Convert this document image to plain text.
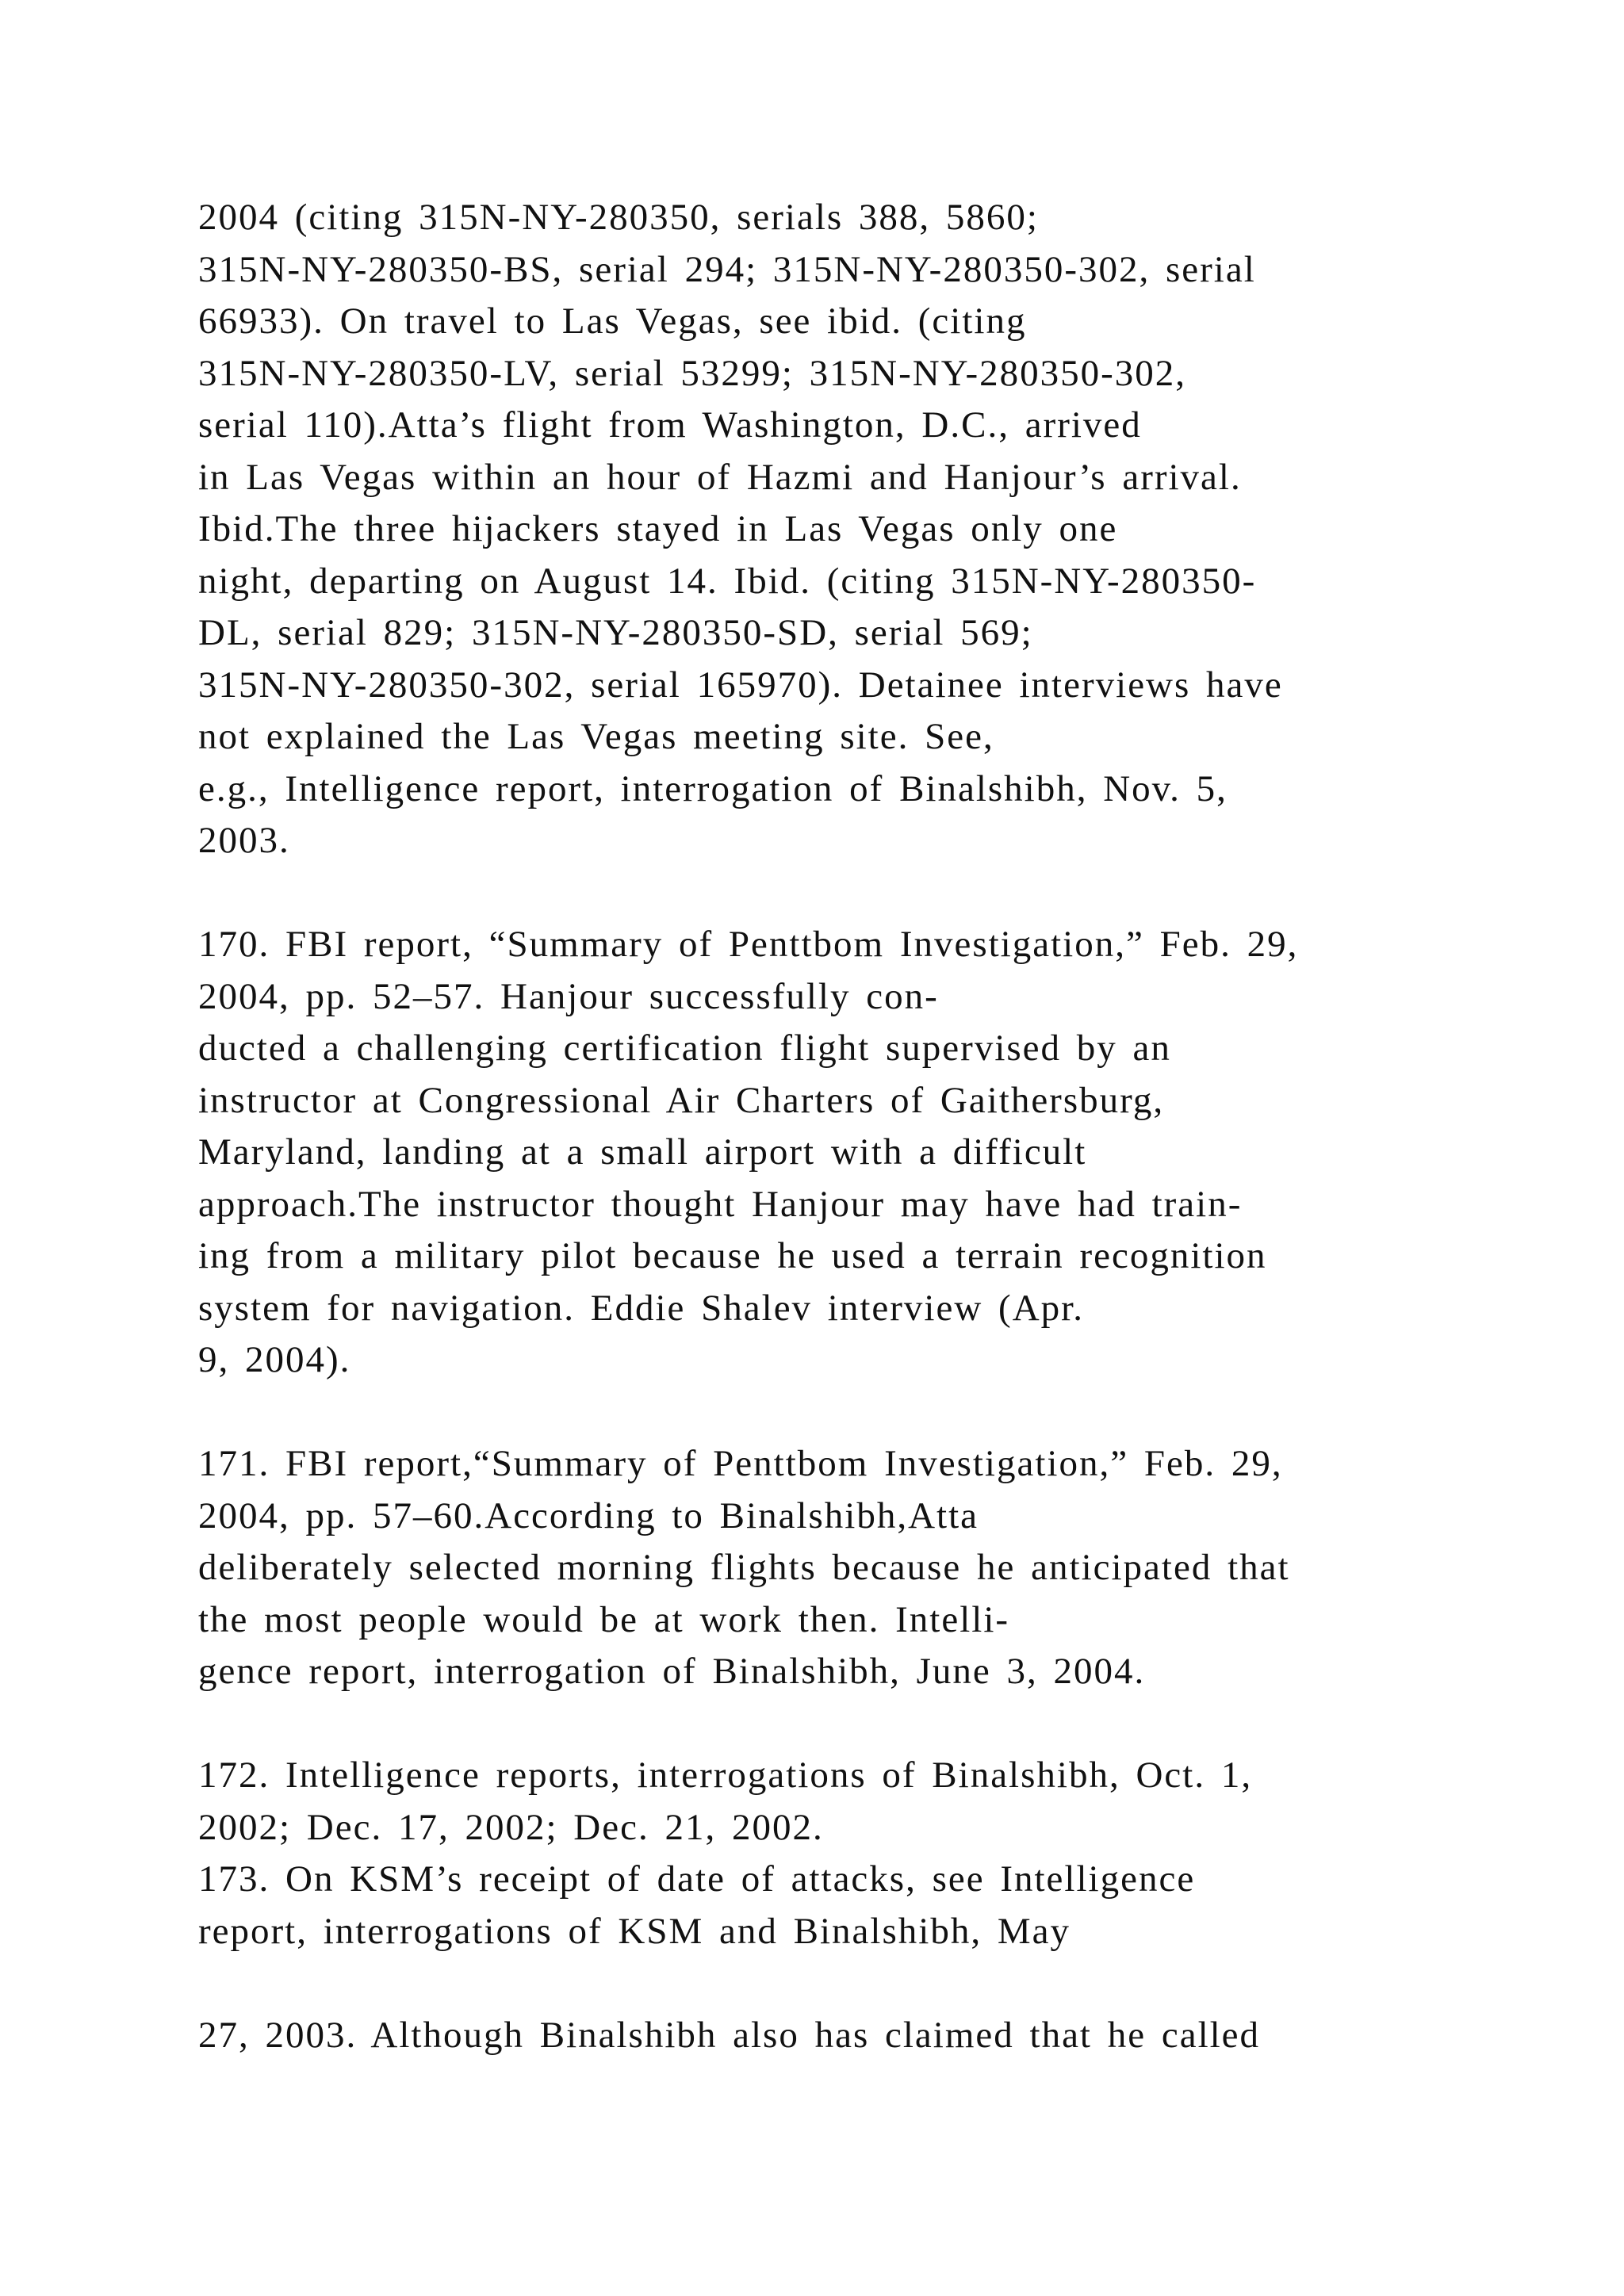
2004 (citing 315N-NY-280350, serials 388, 5860;
315N-NY-280350-BS, serial 294; 315N-NY-280350-302, serial
66933). On travel to Las Vegas, see ibid. (citing
315N-NY-280350-LV, serial 53299; 315N-NY-280350-302,
serial 110).Atta’s flight from Washington, D.C., arrived
in Las Vegas within an hour of Hazmi and Hanjour’s arrival.
Ibid.The three hijackers stayed in Las Vegas only one
night, departing on August 14. Ibid. (citing 315N-NY-280350-
DL, serial 829; 315N-NY-280350-SD, serial 569;
315N-NY-280350-302, serial 165970). Detainee interviews have
not explained the Las Vegas meeting site. See,
e.g., Intelligence report, interrogation of Binalshibh, Nov. 5,
2003.
170. FBI report, “Summary of Penttbom Investigation,” Feb. 29,
2004, pp. 52–57. Hanjour successfully con-
ducted a challenging certification flight supervised by an
instructor at Congressional Air Charters of Gaithersburg,
Maryland, landing at a small airport with a difficult
approach.The instructor thought Hanjour may have had train-
ing from a military pilot because he used a terrain recognition
system for navigation. Eddie Shalev interview (Apr.
9, 2004).
171. FBI report,“Summary of Penttbom Investigation,” Feb. 29,
2004, pp. 57–60.According to Binalshibh,Atta
deliberately selected morning flights because he anticipated that
the most people would be at work then. Intelli-
gence report, interrogation of Binalshibh, June 3, 2004.
172. Intelligence reports, interrogations of Binalshibh, Oct. 1,
2002; Dec. 17, 2002; Dec. 21, 2002.
173. On KSM’s receipt of date of attacks, see Intelligence
report, interrogations of KSM and Binalshibh, May
27, 2003. Although Binalshibh also has claimed that he called
